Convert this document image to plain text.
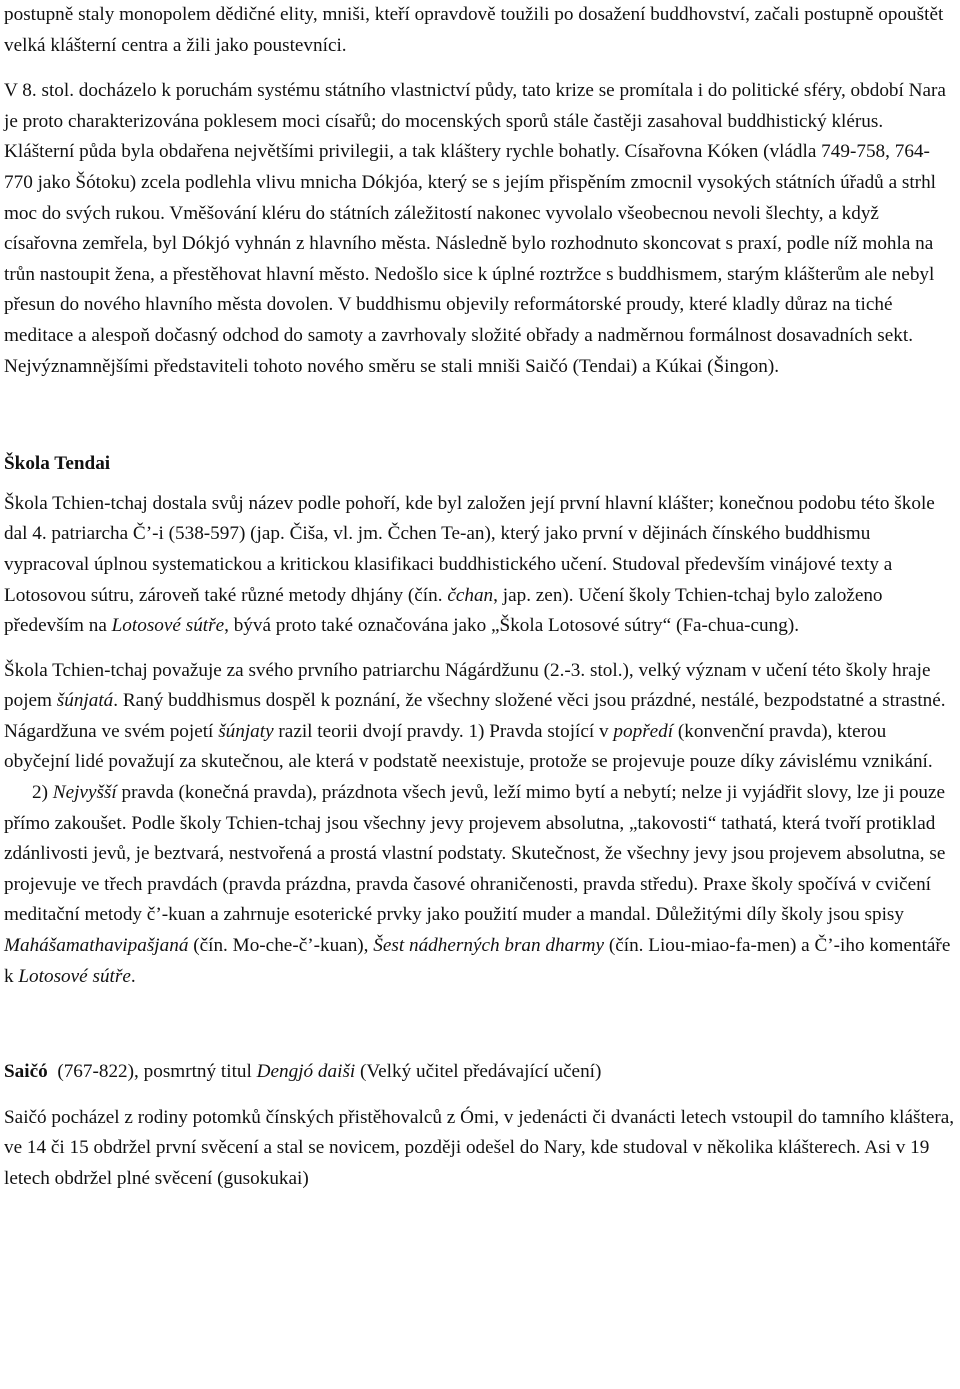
postupně staly monopolem dědičné elity, mniši, kteří opravdově toužili po dosažení buddhovství, začali postupně opouštět velká klášterní centra a žili jako poustevníci.

V 8. stol. docházelo k poruchám systému státního vlastnictví půdy, tato krize se promítala i do politické sféry, období Nara je proto charakterizována poklesem moci císařů; do mocenských sporů stále častěji zasahoval buddhistický klérus. Klášterní půda byla obdařena největšími privilegii, a tak kláštery rychle bohatly. Císařovna Kóken (vládla 749-758, 764-770 jako Šótoku) zcela podlehla vlivu mnicha Dókjóa, který se s jejím přispěním zmocnil vysokých státních úřadů a strhl moc do svých rukou. Vměšování kléru do státních záležitostí nakonec vyvolalo všeobecnou nevoli šlechty, a když císařovna zemřela, byl Dókjó vyhnán z hlavního města. Následně bylo rozhodnuto skoncovat s praxí, podle níž mohla na trůn nastoupit žena, a přestěhovat hlavní město. Nedošlo sice k úplné roztržce s buddhismem, starým klášterům ale nebyl přesun do nového hlavního města dovolen. V buddhismu objevily reformátorské proudy, které kladly důraz na tiché meditace a alespoň dočasný odchod do samoty a zavrhovaly složité obřady a nadměrnou formálnost dosavadních sekt. Nejvýznamnějšími představiteli tohoto nového směru se stali mniši Saičó (Tendai) a Kúkai (Šingon).

Škola Tendai

Škola Tchien-tchaj dostala svůj název podle pohoří, kde byl založen její první hlavní klášter; konečnou podobu této škole dal 4. patriarcha Č’-i (538-597) (jap. Čiša, vl. jm. Čchen Te-an), který jako první v dějinách čínského buddhismu vypracoval úplnou systematickou a kritickou klasifikaci buddhistického učení. Studoval především vinájové texty a Lotosovou sútru, zároveň také různé metody dhjány (čín. čchan, jap. zen). Učení školy Tchien-tchaj bylo založeno především na Lotosové sútře, bývá proto také označována jako „Škola Lotosové sútry“ (Fa-chua-cung).

Škola Tchien-tchaj považuje za svého prvního patriarchu Nágárdžunu (2.-3. stol.), velký význam v učení této školy hraje pojem šúnjatá. Raný buddhismus dospěl k poznání, že všechny složené věci jsou prázdné, nestálé, bezpodstatné a strastné. Nágardžuna ve svém pojetí šúnjaty razil teorii dvojí pravdy. 1) Pravda stojící v popředí (konvenční pravda), kterou obyčejní lidé považují za skutečnou, ale která v podstatě neexistuje, protože se projevuje pouze díky závislému vznikání.2) Nejvyšší pravda (konečná pravda), prázdnota všech jevů, leží mimo bytí a nebytí; nelze ji vyjádřit slovy, lze ji pouze přímo zakoušet. Podle školy Tchien-tchaj jsou všechny jevy projevem absolutna, „takovosti“ tathatá, která tvoří protiklad zdánlivosti jevů, je beztvará, nestvořená a prostá vlastní podstaty. Skutečnost, že všechny jevy jsou projevem absolutna, se projevuje ve třech pravdách (pravda prázdna, pravda časové ohraničenosti, pravda středu). Praxe školy spočívá v cvičení meditační metody č’-kuan a zahrnuje esoterické prvky jako použití muder a mandal. Důležitými díly školy jsou spisy Mahášamathavipašjaná (čín. Mo-che-č’-kuan), Šest nádherných bran dharmy (čín. Liou-miao-fa-men) a Č’-iho komentáře k Lotosové sútře.

Saičó  (767-822), posmrtný titul Dengjó daiši (Velký učitel předávající učení)

Saičó pocházel z rodiny potomků čínských přistěhovalců z Ómi, v jedenácti či dvanácti letech vstoupil do tamního kláštera, ve 14 či 15 obdržel první svěcení a stal se novicem, později odešel do Nary, kde studoval v několika klášterech. Asi v 19 letech obdržel plné svěcení (gusokukai)
